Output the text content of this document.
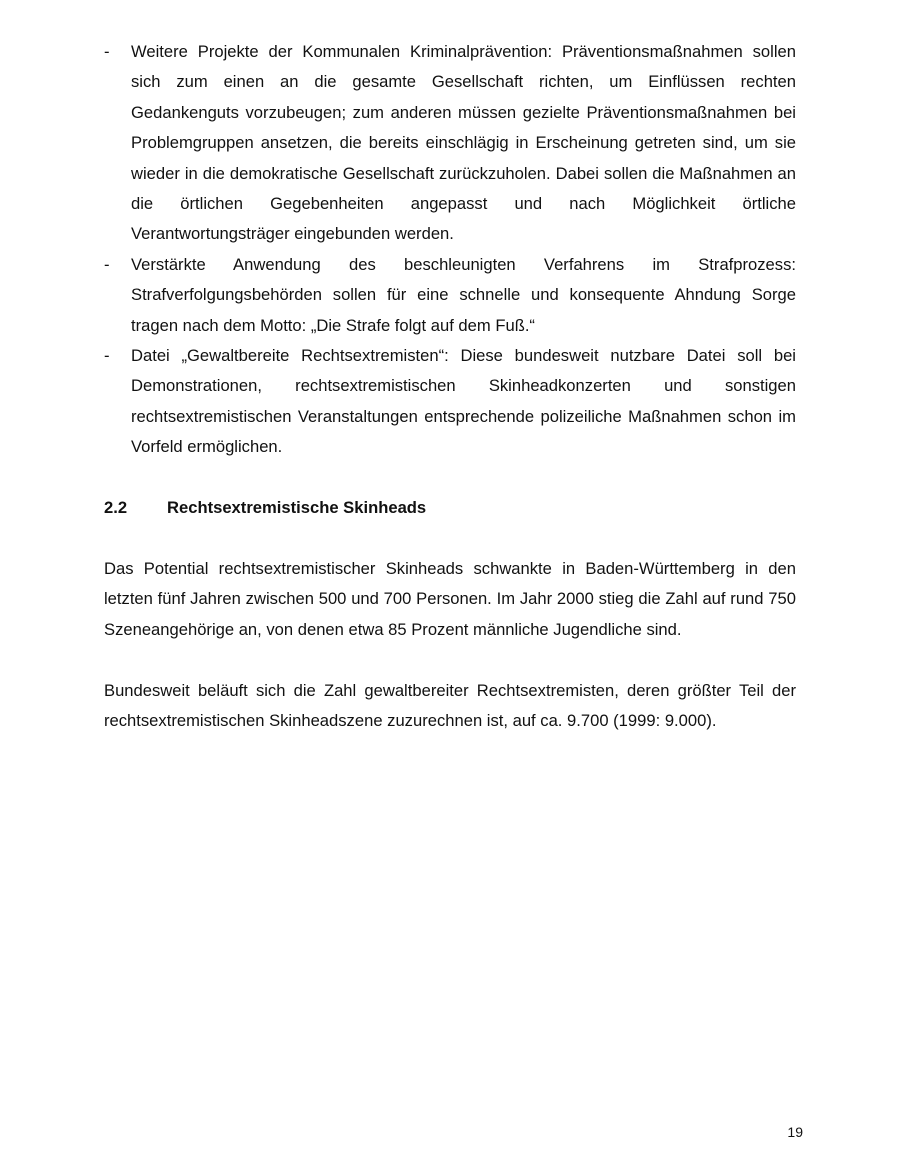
- Weitere Projekte der Kommunalen Kriminalprävention: Präventionsmaßnahmen sollen sich zum einen an die gesamte Gesellschaft richten, um Einflüssen rechten Gedankenguts vorzubeugen; zum anderen müssen gezielte Präventionsmaßnahmen bei Problemgruppen ansetzen, die bereits einschlägig in Erscheinung getreten sind, um sie wieder in die demokratische Gesellschaft zurückzuholen. Dabei sollen die Maßnahmen an die örtlichen Gegebenheiten angepasst und nach Möglichkeit örtliche Verantwortungsträger eingebunden werden.
- Verstärkte Anwendung des beschleunigten Verfahrens im Strafprozess: Strafverfolgungsbehörden sollen für eine schnelle und konsequente Ahndung Sorge tragen nach dem Motto: „Die Strafe folgt auf dem Fuß.“
- Datei „Gewaltbereite Rechtsextremisten“: Diese bundesweit nutzbare Datei soll bei Demonstrationen, rechtsextremistischen Skinheadkonzerten und sonstigen rechtsextremistischen Veranstaltungen entsprechende polizeiliche Maßnahmen schon im Vorfeld ermöglichen.
2.2 Rechtsextremistische Skinheads

Das Potential rechtsextremistischer Skinheads schwankte in Baden-Württemberg in den letzten fünf Jahren zwischen 500 und 700 Personen. Im Jahr 2000 stieg die Zahl auf rund 750 Szeneangehörige an, von denen etwa 85 Prozent männliche Jugendliche sind.

Bundesweit beläuft sich die Zahl gewaltbereiter Rechtsextremisten, deren größter Teil der rechtsextremistischen Skinheadszene zuzurechnen ist, auf ca. 9.700 (1999: 9.000).

19
